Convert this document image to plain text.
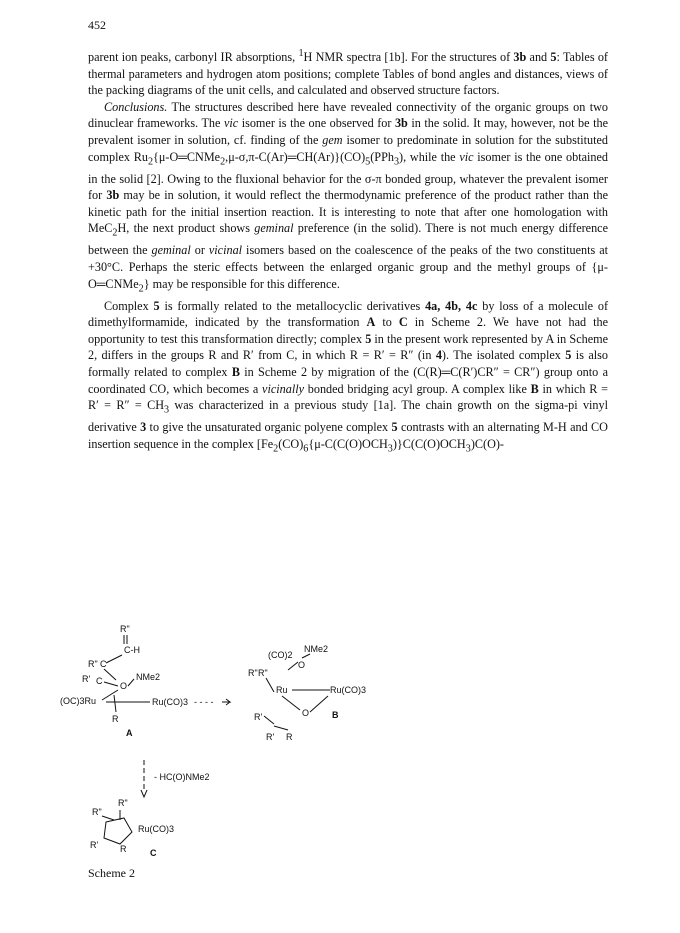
452

parent ion peaks, carbonyl IR absorptions, $^1$H NMR spectra [1b]. For the structures of 3b and 5: Tables of thermal parameters and hydrogen atom positions; complete Tables of bond angles and distances, views of the packing diagrams of the unit cells, and calculated and observed structure factors.

Conclusions. The structures described here have revealed connectivity of the organic groups on two dinuclear frameworks. The vic isomer is the one observed for 3b in the solid. It may, however, not be the prevalent isomer in solution, cf. finding of the gem isomer to predominate in solution for the substituted complex $Ru_2\{\mu-O═CNMe_2,\mu-\sigma,\pi-C(Ar)═CH(Ar)\}(CO)_5(PPh_3)$, while the vic isomer is the one obtained in the solid [2]. Owing to the fluxional behavior for the σ-π bonded group, whatever the prevalent isomer for 3b may be in solution, it would reflect the thermodynamic preference of the product rather than the kinetic path for the initial insertion reaction. It is interesting to note that after one homologation with MeC$_2$H, the next product shows geminal preference (in the solid). There is not much energy difference between the geminal or vicinal isomers based on the coalescence of the peaks of the two constituents at +30°C. Perhaps the steric effects between the enlarged organic group and the methyl groups of {μ-O═CNMe$_2$} may be responsible for this difference.

Complex 5 is formally related to the metallocyclic derivatives 4a, 4b, 4c by loss of a molecule of dimethylformamide, indicated by the transformation A to C in Scheme 2. We have not had the opportunity to test this transformation directly; complex 5 in the present work represented by A in Scheme 2, differs in the groups R and R′ from C, in which R = R′ = R″ (in 4). The isolated complex 5 is also formally related to complex B in Scheme 2 by migration of the (C(R)═C(R′)CR″ = CR″) group onto a coordinated CO, which becomes a vicinally bonded bridging acyl group. A complex like B in which $R = R' = R'' = CH_3$ was characterized in a previous study [1a]. The chain growth on the sigma-pi vinyl derivative 3 to give the unsaturated organic polyene complex 5 contrasts with an alternating M-H and CO insertion sequence in the complex [$Fe_2(CO)_6\{\mu-C(C(O)OCH_3)\}C(C(O)OCH_3)C(O)-$

R"
C-H
R" C
R' C O
NMe2
(OC)3Ru	Ru(CO)3
R
A
- - - -
(CO)2
NMe2
O
R" R"
Ru	Ru(CO)3
O
R'
R' R
B
- HC(O)NMe2
R"
R"
Ru(CO)3
R' R	C
Scheme 2
